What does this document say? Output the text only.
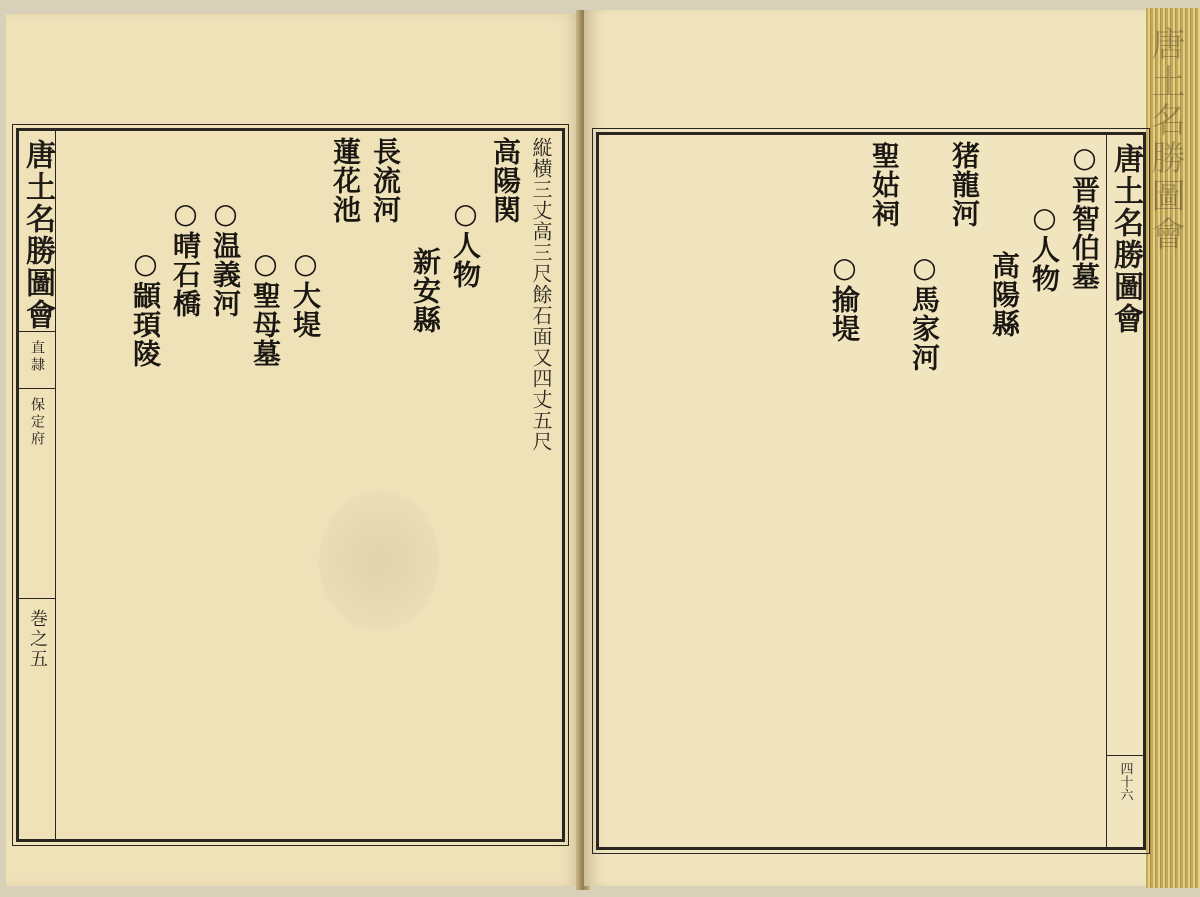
唐土名勝圖會
唐土名勝圖會
直隷
保定府
巻之五
縦横三丈高三尺餘石面又四丈五尺
高陽関
○人物
新安縣
長流河
蓮花池
○大堤
○聖母墓
○温義河
○晴石橋
○顓頊陵	唐土名勝圖會
四十六
○晋智伯墓
○人物
高陽縣
猪龍河
○馬家河
聖姑祠
○揄堤
